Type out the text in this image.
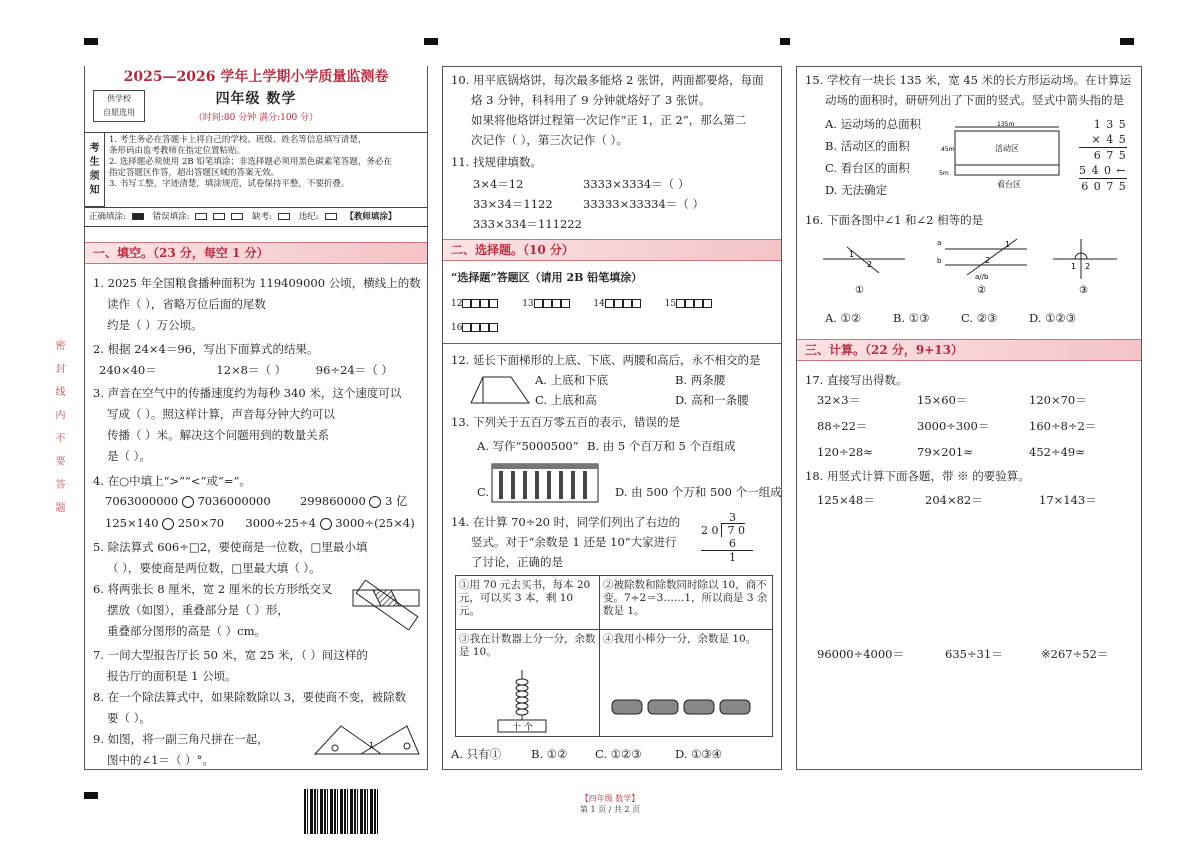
密 封 线 内 不 要 答 题
2025—2026 学年上学期小学质量监测卷
四年级 数学
（时间:80 分钟 满分:100 分）
供学校
自愿选用
考生须知
1. 考生务必在答题卡上将自己的学校、班级、姓名等信息填写清楚，
条形码由监考教师在指定位置粘贴。
2. 选择题必须使用 2B 铅笔填涂；非选择题必须用黑色碳素笔答题，务必在
指定答题区作答，超出答题区域的答案无效。
3. 书写工整，字迹清楚，填涂规范，试卷保持平整，不要折叠。
正确填涂:	错误填涂:	缺考:	违纪:	【教师填涂】
一、填空。（23 分，每空 1 分）
1. 2025 年全国粮食播种面积为 119409000 公顷，横线上的数
读作（ ），省略万位后面的尾数
约是（ ）万公顷。
2. 根据 24×4＝96，写出下面算式的结果。
240×40＝	12×8＝（ ）	96÷24＝（ ）
3. 声音在空气中的传播速度约为每秒 340 米，这个速度可以
写成（ ）。照这样计算，声音每分钟大约可以
传播（ ）米。解决这个问题用到的数量关系
是（ ）。
4. 在○中填上“>”“<”或“=”。
7063000000 7036000000	299860000 3 亿
125×140 250×70 3000÷25÷4 3000÷(25×4)
5. 除法算式 606÷□2，要使商是一位数，□里最小填
（ ），要使商是两位数，□里最大填（ ）。
6. 将两张长 8 厘米，宽 2 厘米的长方形纸交叉
摆放（如图），重叠部分是（ ）形，
重叠部分图形的高是（ ）cm。
7. 一间大型报告厅长 50 米，宽 25 米，（ ）间这样的
报告厅的面积是 1 公顷。
8. 在一个除法算式中，如果除数除以 3，要使商不变，被除数
要（ ）。
9. 如图，将一副三角尺拼在一起，
图中的∠1＝（ ）°。
1
10. 用平底锅烙饼，每次最多能烙 2 张饼，两面都要烙，每面
烙 3 分钟，科科用了 9 分钟就烙好了 3 张饼。
如果将他烙饼过程第一次记作“正 1，正 2”，那么第二
次记作（ ），第三次记作（ ）。
11. 找规律填数。
3×4＝12	3333×3334＝（ ）
33×34＝1122	33333×33334＝（ ）
333×334＝111222
二、选择题。（10 分）
“选择题”答题区（请用 2B 铅笔填涂）
12	13	14	15
16
12. 延长下面梯形的上底、下底、两腰和高后，永不相交的是
A. 上底和下底	B. 两条腰
C. 上底和高	D. 高和一条腰
13. 下列关于五百万零五百的表示，错误的是
A. 写作“5000500” B. 由 5 个百万和 5 个百组成
C.	D. 由 500 个万和 500 个一组成
14. 在计算 70÷20 时，同学们列出了右边的
竖式。对于“余数是 1 还是 10”大家进行
了讨论，正确的是
3
2 0 7 0
6
1
①用 70 元去买书，每本 20 元，可以买 3 本，剩 10 元。
②被除数和除数同时除以 10，商不变。7÷2＝3……1，所以商是 3 余数是 1。
③我在计数器上分一分，余数是 10。
④我用小棒分一分，余数是 10。
十 个
A. 只有①	B. ①② C. ①②③	D. ①③④
15. 学校有一块长 135 米，宽 45 米的长方形运动场。在计算运
动场的面积时，研研列出了下面的竖式。竖式中箭头指的是
A. 运动场的总面积
B. 活动区的面积
C. 看台区的面积
D. 无法确定
活动区
看台区
135m
45m
5m
1 3 5
× 4 5
6 7 5
5 4 0 ←
6 0 7 5
16. 下面各图中∠1 和∠2 相等的是
1
2
①
a
b
a//b
1
2
②
1 2
③
A. ①②	B. ①③	C. ②③	D. ①②③
三、计算。（22 分，9+13）
17. 直接写出得数。
32×3＝	15×60＝	120×70＝
88÷22＝	3000÷300＝	160÷8÷2＝
120÷28≈	79×201≈	452÷49≈
18. 用竖式计算下面各题，带 ※ 的要验算。
125×48＝	204×82＝	17×143＝
96000÷4000＝	635÷31＝	※267÷52＝
【四年级 数学】
第 1 页 / 共 2 页
